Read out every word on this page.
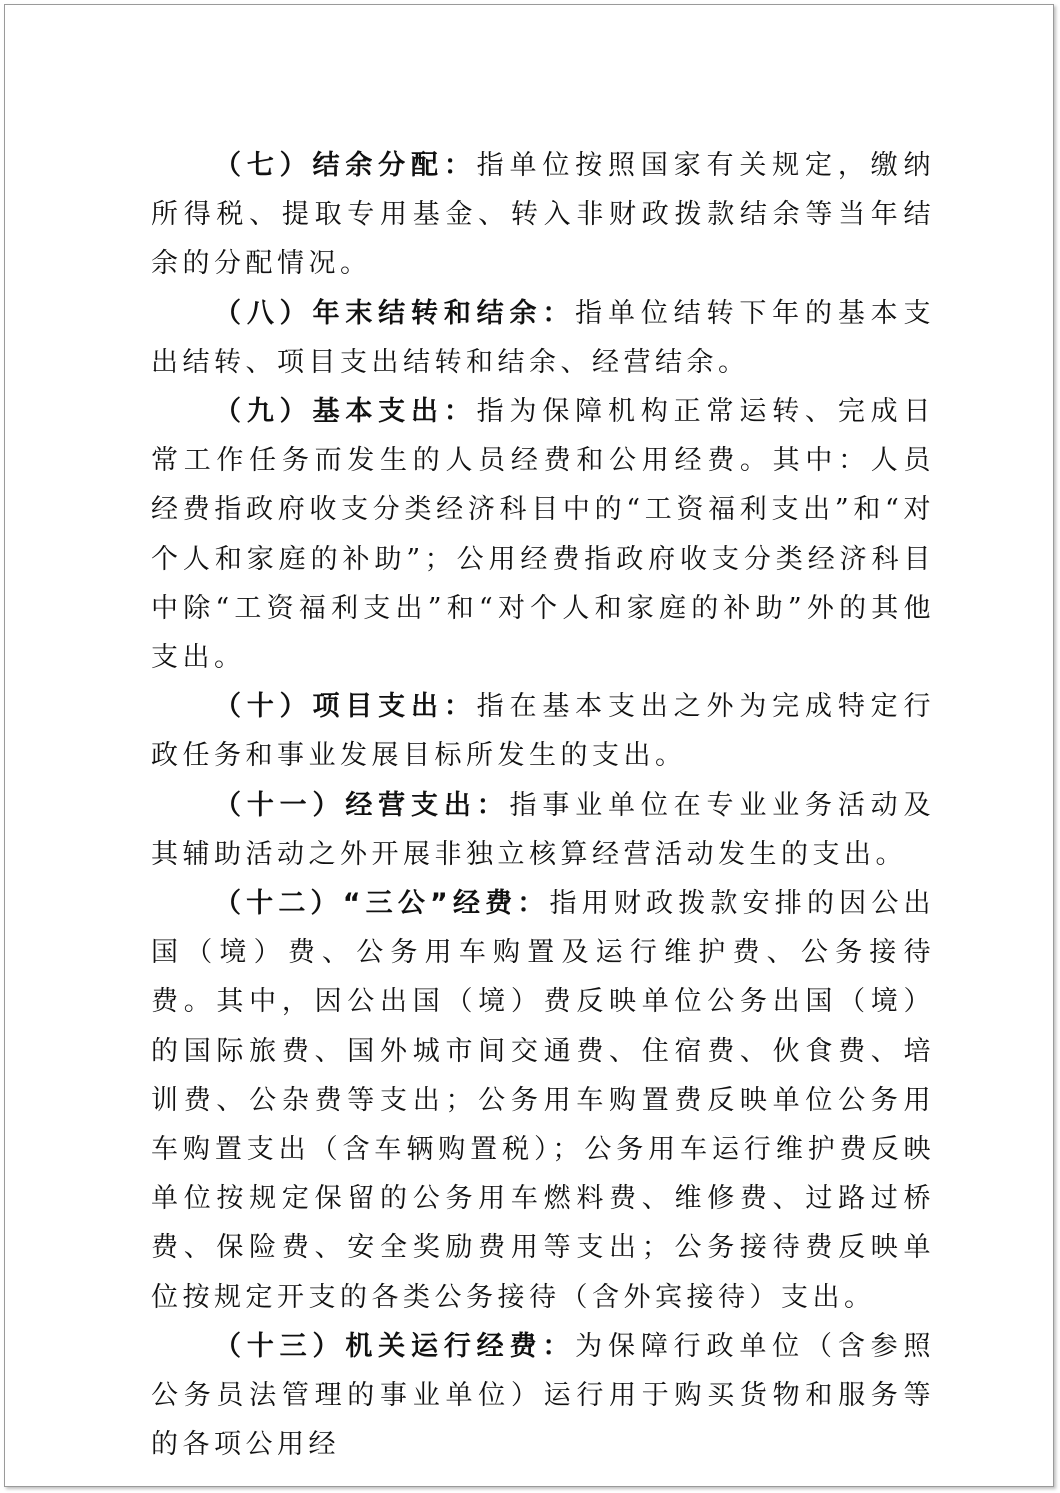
（七）结余分配：指单位按照国家有关规定，缴纳所得税、提取专用基金、转入非财政拨款结余等当年结余的分配情况。

（八）年末结转和结余：指单位结转下年的基本支出结转、项目支出结转和结余、经营结余。

（九）基本支出：指为保障机构正常运转、完成日常工作任务而发生的人员经费和公用经费。其中：人员经费指政府收支分类经济科目中的“工资福利支出”和“对个人和家庭的补助”；公用经费指政府收支分类经济科目中除“工资福利支出”和“对个人和家庭的补助”外的其他支出。

（十）项目支出：指在基本支出之外为完成特定行政任务和事业发展目标所发生的支出。

（十一）经营支出：指事业单位在专业业务活动及其辅助活动之外开展非独立核算经营活动发生的支出。

（十二）“三公”经费：指用财政拨款安排的因公出国（境）费、公务用车购置及运行维护费、公务接待费。其中，因公出国（境）费反映单位公务出国（境）的国际旅费、国外城市间交通费、住宿费、伙食费、培训费、公杂费等支出；公务用车购置费反映单位公务用车购置支出（含车辆购置税）；公务用车运行维护费反映单位按规定保留的公务用车燃料费、维修费、过路过桥费、保险费、安全奖励费用等支出；公务接待费反映单位按规定开支的各类公务接待（含外宾接待）支出。

（十三）机关运行经费：为保障行政单位（含参照公务员法管理的事业单位）运行用于购买货物和服务等的各项公用经
